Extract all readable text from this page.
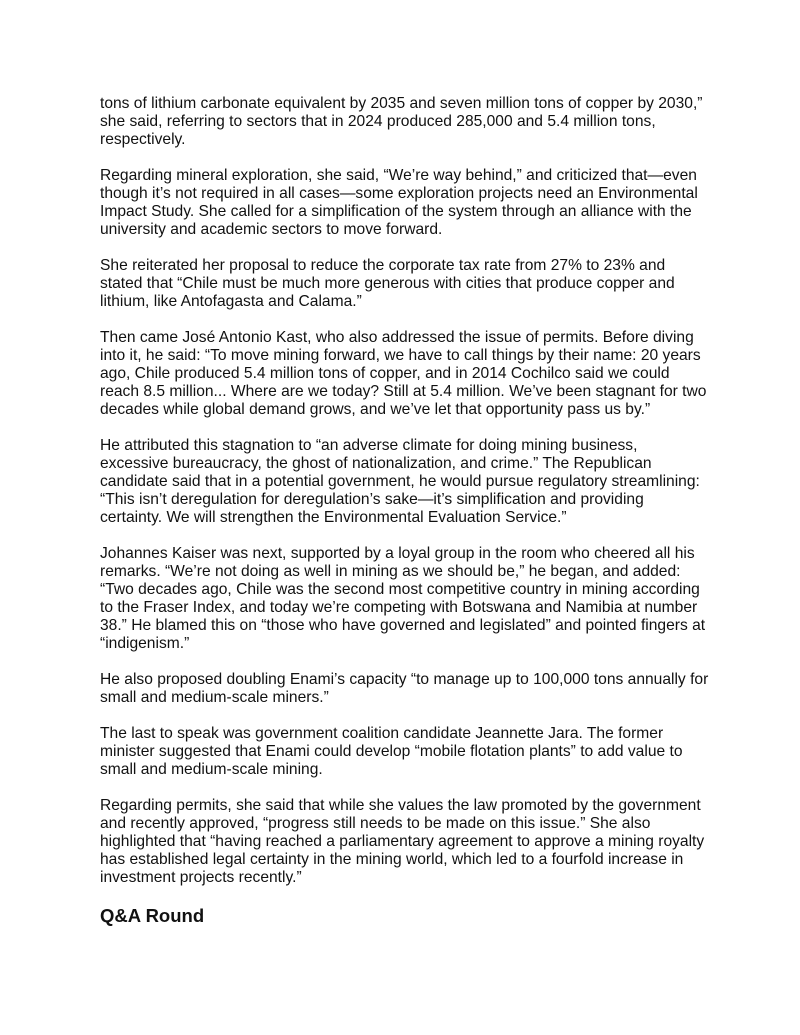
tons of lithium carbonate equivalent by 2035 and seven million tons of copper by 2030,” she said, referring to sectors that in 2024 produced 285,000 and 5.4 million tons, respectively.

Regarding mineral exploration, she said, “We’re way behind,” and criticized that—even though it’s not required in all cases—some exploration projects need an Environmental Impact Study. She called for a simplification of the system through an alliance with the university and academic sectors to move forward.

She reiterated her proposal to reduce the corporate tax rate from 27% to 23% and stated that “Chile must be much more generous with cities that produce copper and lithium, like Antofagasta and Calama.”

Then came José Antonio Kast, who also addressed the issue of permits. Before diving into it, he said: “To move mining forward, we have to call things by their name: 20 years ago, Chile produced 5.4 million tons of copper, and in 2014 Cochilco said we could reach 8.5 million... Where are we today? Still at 5.4 million. We’ve been stagnant for two decades while global demand grows, and we’ve let that opportunity pass us by.”

He attributed this stagnation to “an adverse climate for doing mining business, excessive bureaucracy, the ghost of nationalization, and crime.” The Republican candidate said that in a potential government, he would pursue regulatory streamlining: “This isn’t deregulation for deregulation’s sake—it’s simplification and providing certainty. We will strengthen the Environmental Evaluation Service.”

Johannes Kaiser was next, supported by a loyal group in the room who cheered all his remarks. “We’re not doing as well in mining as we should be,” he began, and added: “Two decades ago, Chile was the second most competitive country in mining according to the Fraser Index, and today we’re competing with Botswana and Namibia at number 38.” He blamed this on “those who have governed and legislated” and pointed fingers at “indigenism.”

He also proposed doubling Enami’s capacity “to manage up to 100,000 tons annually for small and medium-scale miners.”

The last to speak was government coalition candidate Jeannette Jara. The former minister suggested that Enami could develop “mobile flotation plants” to add value to small and medium-scale mining.

Regarding permits, she said that while she values the law promoted by the government and recently approved, “progress still needs to be made on this issue.” She also highlighted that “having reached a parliamentary agreement to approve a mining royalty has established legal certainty in the mining world, which led to a fourfold increase in investment projects recently.”

Q&A Round
